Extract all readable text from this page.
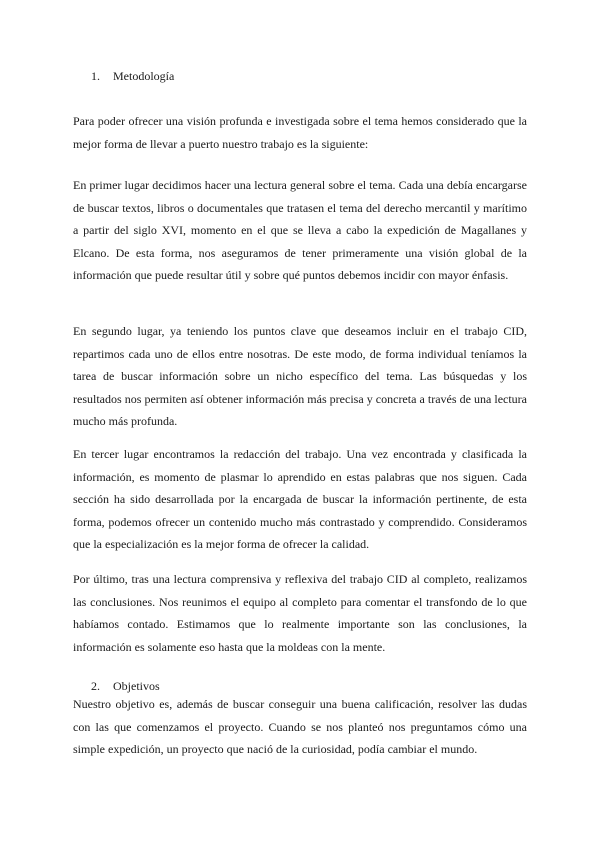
1. Metodología

Para poder ofrecer una visión profunda e investigada sobre el tema hemos considerado que la mejor forma de llevar a puerto nuestro trabajo es la siguiente:

En primer lugar decidimos hacer una lectura general sobre el tema. Cada una debía encargarse de buscar textos, libros o documentales que tratasen el tema del derecho mercantil y marítimo a partir del siglo XVI, momento en el que se lleva a cabo la expedición de Magallanes y Elcano. De esta forma, nos aseguramos de tener primeramente una visión global de la información que puede resultar útil y sobre qué puntos debemos incidir con mayor énfasis.

En segundo lugar, ya teniendo los puntos clave que deseamos incluir en el trabajo CID, repartimos cada uno de ellos entre nosotras. De este modo, de forma individual teníamos la tarea de buscar información sobre un nicho específico del tema. Las búsquedas y los resultados nos permiten así obtener información más precisa y concreta a través de una lectura mucho más profunda.

En tercer lugar encontramos la redacción del trabajo. Una vez encontrada y clasificada la información, es momento de plasmar lo aprendido en estas palabras que nos siguen. Cada sección ha sido desarrollada por la encargada de buscar la información pertinente, de esta forma, podemos ofrecer un contenido mucho más contrastado y comprendido. Consideramos que la especialización es la mejor forma de ofrecer la calidad.

Por último, tras una lectura comprensiva y reflexiva del trabajo CID al completo, realizamos las conclusiones. Nos reunimos el equipo al completo para comentar el transfondo de lo que habíamos contado. Estimamos que lo realmente importante son las conclusiones, la información es solamente eso hasta que la moldeas con la mente.

2. Objetivos

Nuestro objetivo es, además de buscar conseguir una buena calificación, resolver las dudas con las que comenzamos el proyecto. Cuando se nos planteó nos preguntamos cómo una simple expedición, un proyecto que nació de la curiosidad, podía cambiar el mundo.
